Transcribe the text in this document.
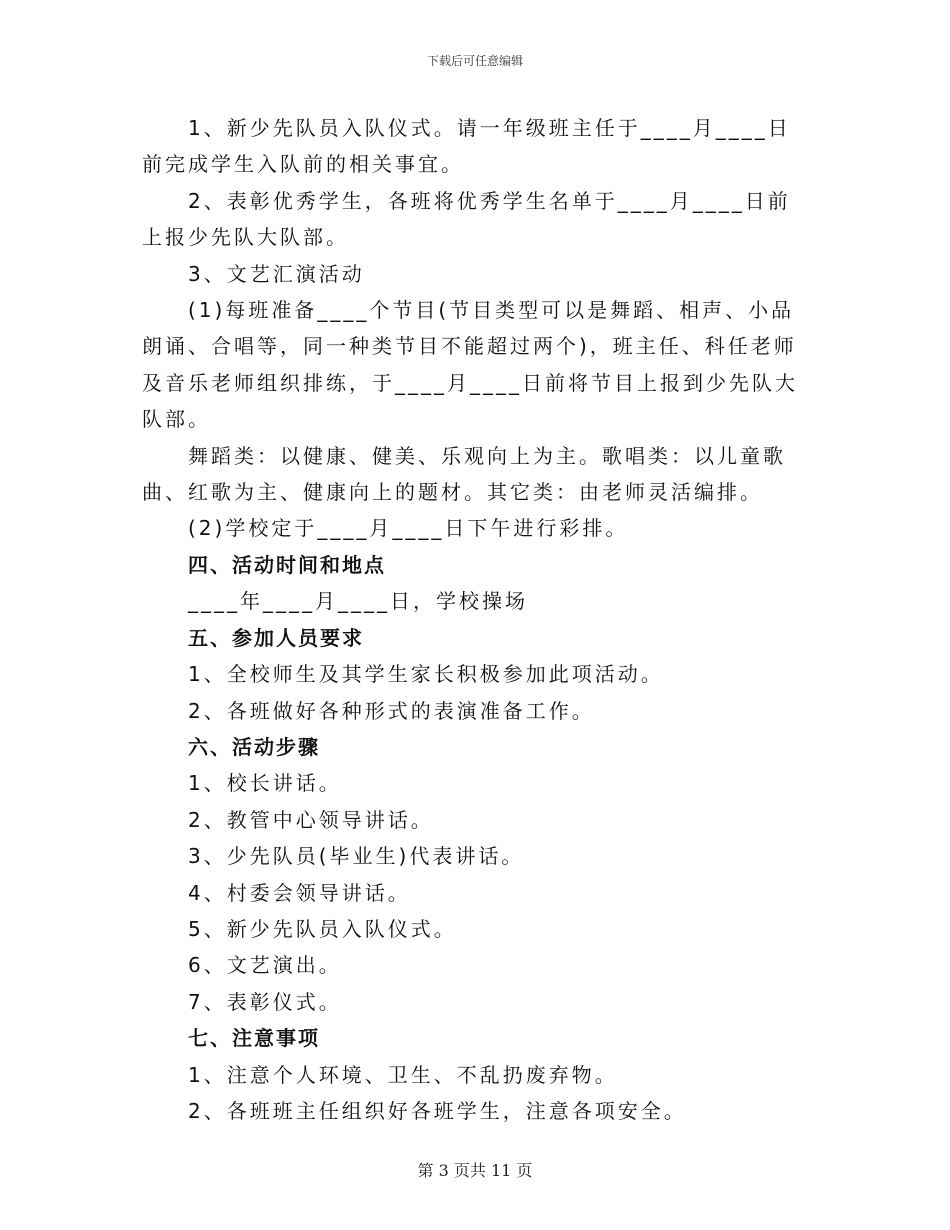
下载后可任意编辑
1、新少先队员入队仪式。请一年级班主任于____月____日前完成学生入队前的相关事宜。
2、表彰优秀学生，各班将优秀学生名单于____月____日前上报少先队大队部。
3、文艺汇演活动
(1)每班准备____个节目(节目类型可以是舞蹈、相声、小品朗诵、合唱等，同一种类节目不能超过两个)，班主任、科任老师及音乐老师组织排练，于____月____日前将节目上报到少先队大队部。
舞蹈类：以健康、健美、乐观向上为主。歌唱类：以儿童歌曲、红歌为主、健康向上的题材。其它类：由老师灵活编排。
(2)学校定于____月____日下午进行彩排。
四、活动时间和地点
____年____月____日，学校操场
五、参加人员要求
1、全校师生及其学生家长积极参加此项活动。
2、各班做好各种形式的表演准备工作。
六、活动步骤
1、校长讲话。
2、教管中心领导讲话。
3、少先队员(毕业生)代表讲话。
4、村委会领导讲话。
5、新少先队员入队仪式。
6、文艺演出。
7、表彰仪式。
七、注意事项
1、注意个人环境、卫生、不乱扔废弃物。
2、各班班主任组织好各班学生，注意各项安全。
第 3 页共 11 页
